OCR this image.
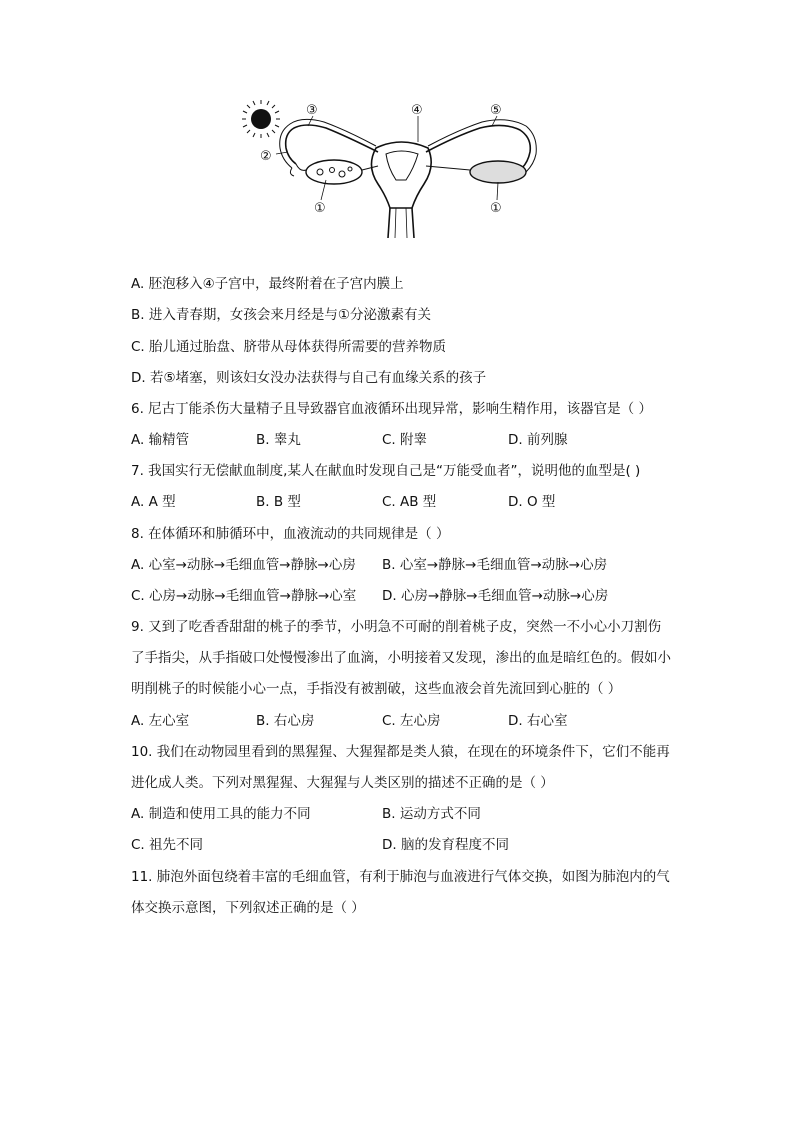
③	④	⑤
②
①	①
A. 胚泡移入④子宫中，最终附着在子宫内膜上
B. 进入青春期，女孩会来月经是与①分泌激素有关
C. 胎儿通过胎盘、脐带从母体获得所需要的营养物质
D. 若⑤堵塞，则该妇女没办法获得与自己有血缘关系的孩子
6. 尼古丁能杀伤大量精子且导致器官血液循环出现异常，影响生精作用，该器官是（ ）
A. 输精管	B. 睾丸	C. 附睾	D. 前列腺
7. 我国实行无偿献血制度,某人在献血时发现自己是“万能受血者”，说明他的血型是( )
A. A 型	B. B 型	C. AB 型	D. O 型
8. 在体循环和肺循环中，血液流动的共同规律是（ ）
A. 心室→动脉→毛细血管→静脉→心房 B. 心室→静脉→毛细血管→动脉→心房
C. 心房→动脉→毛细血管→静脉→心室 D. 心房→静脉→毛细血管→动脉→心房
9. 又到了吃香香甜甜的桃子的季节，小明急不可耐的削着桃子皮，突然一不小心小刀割伤
了手指尖，从手指破口处慢慢渗出了血滴，小明接着又发现，渗出的血是暗红色的。假如小
明削桃子的时候能小心一点，手指没有被割破，这些血液会首先流回到心脏的（ ）
A. 左心室	B. 右心房	C. 左心房	D. 右心室
10. 我们在动物园里看到的黑猩猩、大猩猩都是类人猿，在现在的环境条件下，它们不能再
进化成人类。下列对黑猩猩、大猩猩与人类区别的描述不正确的是（ ）
A. 制造和使用工具的能力不同	B. 运动方式不同
C. 祖先不同	D. 脑的发育程度不同
11. 肺泡外面包绕着丰富的毛细血管，有利于肺泡与血液进行气体交换，如图为肺泡内的气
体交换示意图，下列叙述正确的是（ ）
